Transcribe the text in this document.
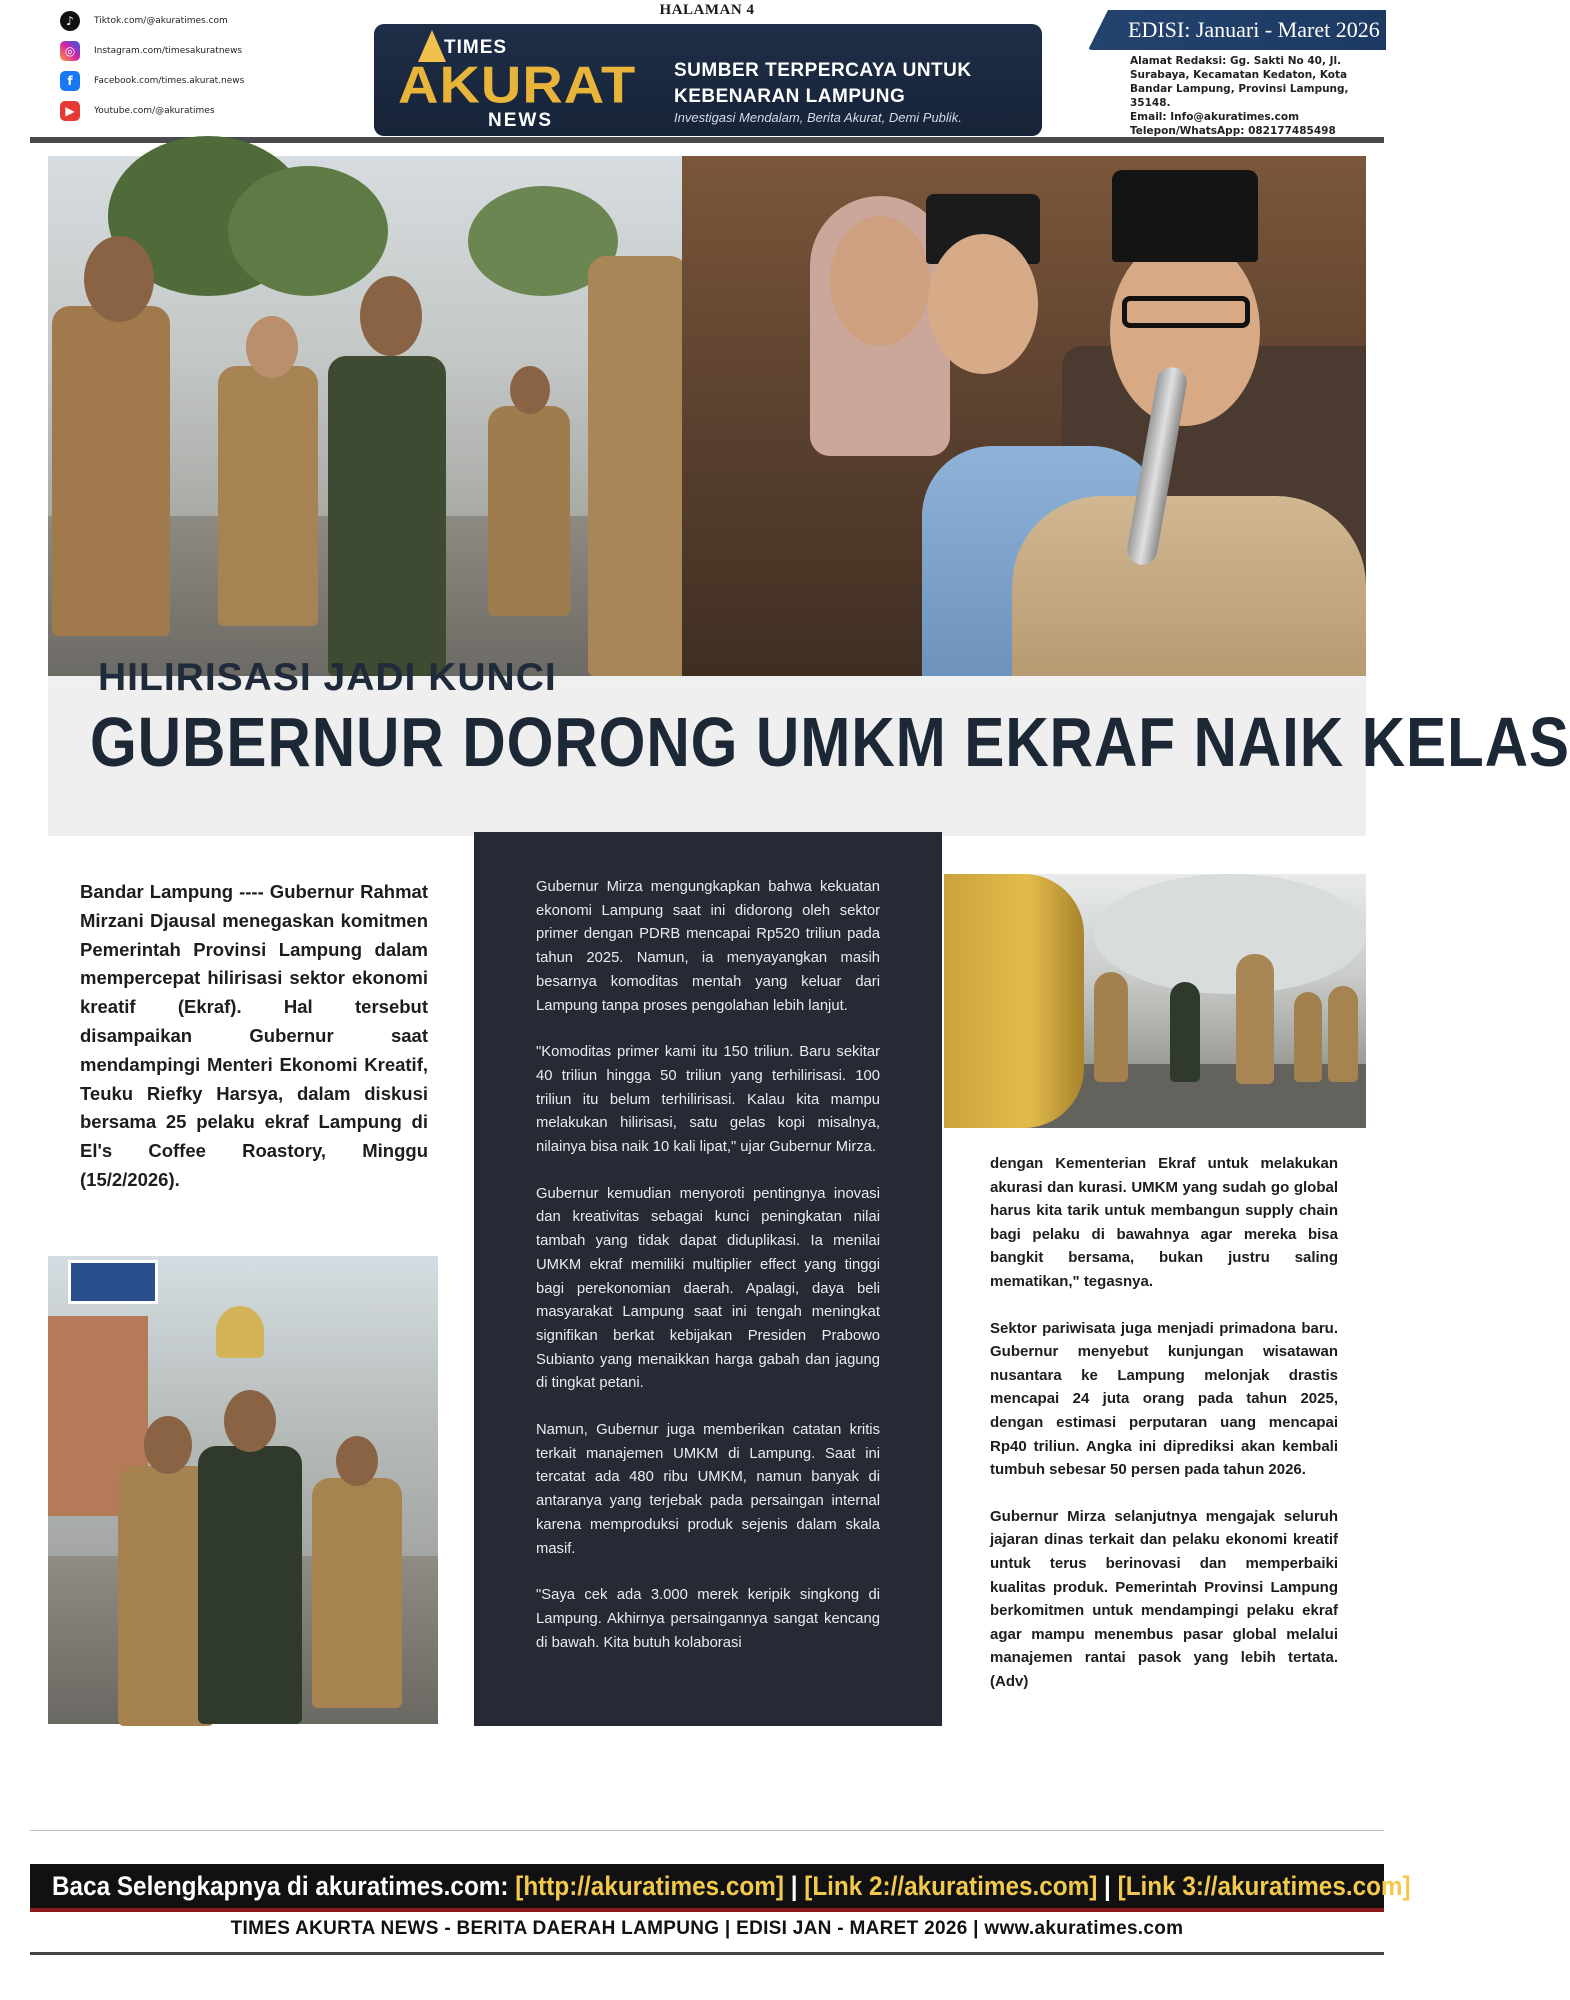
♪	Tiktok.com/@akuratimes.com
◎	Instagram.com/timesakuratnews
f	Facebook.com/times.akurat.news
▶	Youtube.com/@akuratimes
HALAMAN 4
TIMES
AKURAT
NEWS
SUMBER TERPERCAYA UNTUK
KEBENARAN LAMPUNG
Investigasi Mendalam, Berita Akurat, Demi Publik.
EDISI: Januari - Maret 2026
Alamat Redaksi: Gg. Sakti No 40, Jl. Surabaya, Kecamatan Kedaton, Kota Bandar Lampung, Provinsi Lampung, 35148.
Email: Info@akuratimes.com
Telepon/WhatsApp: 082177485498
HILIRISASI JADI KUNCI
GUBERNUR DORONG UMKM EKRAF NAIK KELAS
Bandar Lampung ---- Gubernur Rahmat Mirzani Djausal menegaskan komitmen Pemerintah Provinsi Lampung dalam mempercepat hilirisasi sektor ekonomi kreatif (Ekraf). Hal tersebut disampaikan Gubernur saat mendampingi Menteri Ekonomi Kreatif, Teuku Riefky Harsya, dalam diskusi bersama 25 pelaku ekraf Lampung di El's Coffee Roastory, Minggu (15/2/2026).

Gubernur Mirza mengungkapkan bahwa kekuatan ekonomi Lampung saat ini didorong oleh sektor primer dengan PDRB mencapai Rp520 triliun pada tahun 2025. Namun, ia menyayangkan masih besarnya komoditas mentah yang keluar dari Lampung tanpa proses pengolahan lebih lanjut.

"Komoditas primer kami itu 150 triliun. Baru sekitar 40 triliun hingga 50 triliun yang terhilirisasi. 100 triliun itu belum terhilirisasi. Kalau kita mampu melakukan hilirisasi, satu gelas kopi misalnya, nilainya bisa naik 10 kali lipat," ujar Gubernur Mirza.

Gubernur kemudian menyoroti pentingnya inovasi dan kreativitas sebagai kunci peningkatan nilai tambah yang tidak dapat diduplikasi. Ia menilai UMKM ekraf memiliki multiplier effect yang tinggi bagi perekonomian daerah. Apalagi, daya beli masyarakat Lampung saat ini tengah meningkat signifikan berkat kebijakan Presiden Prabowo Subianto yang menaikkan harga gabah dan jagung di tingkat petani.

Namun, Gubernur juga memberikan catatan kritis terkait manajemen UMKM di Lampung. Saat ini tercatat ada 480 ribu UMKM, namun banyak di antaranya yang terjebak pada persaingan internal karena memproduksi produk sejenis dalam skala masif.

"Saya cek ada 3.000 merek keripik singkong di Lampung. Akhirnya persaingannya sangat kencang di bawah. Kita butuh kolaborasi

dengan Kementerian Ekraf untuk melakukan akurasi dan kurasi. UMKM yang sudah go global harus kita tarik untuk membangun supply chain bagi pelaku di bawahnya agar mereka bisa bangkit bersama, bukan justru saling mematikan," tegasnya.

Sektor pariwisata juga menjadi primadona baru. Gubernur menyebut kunjungan wisatawan nusantara ke Lampung melonjak drastis mencapai 24 juta orang pada tahun 2025, dengan estimasi perputaran uang mencapai Rp40 triliun. Angka ini diprediksi akan kembali tumbuh sebesar 50 persen pada tahun 2026.

Gubernur Mirza selanjutnya mengajak seluruh jajaran dinas terkait dan pelaku ekonomi kreatif untuk terus berinovasi dan memperbaiki kualitas produk. Pemerintah Provinsi Lampung berkomitmen untuk mendampingi pelaku ekraf agar mampu menembus pasar global melalui manajemen rantai pasok yang lebih tertata. (Adv)

Baca Selengkapnya di akuratimes.com: [http://akuratimes.com] | [Link 2://akuratimes.com] | [Link 3://akuratimes.com]
TIMES AKURTA NEWS - BERITA DAERAH LAMPUNG | EDISI JAN - MARET 2026 | www.akuratimes.com
